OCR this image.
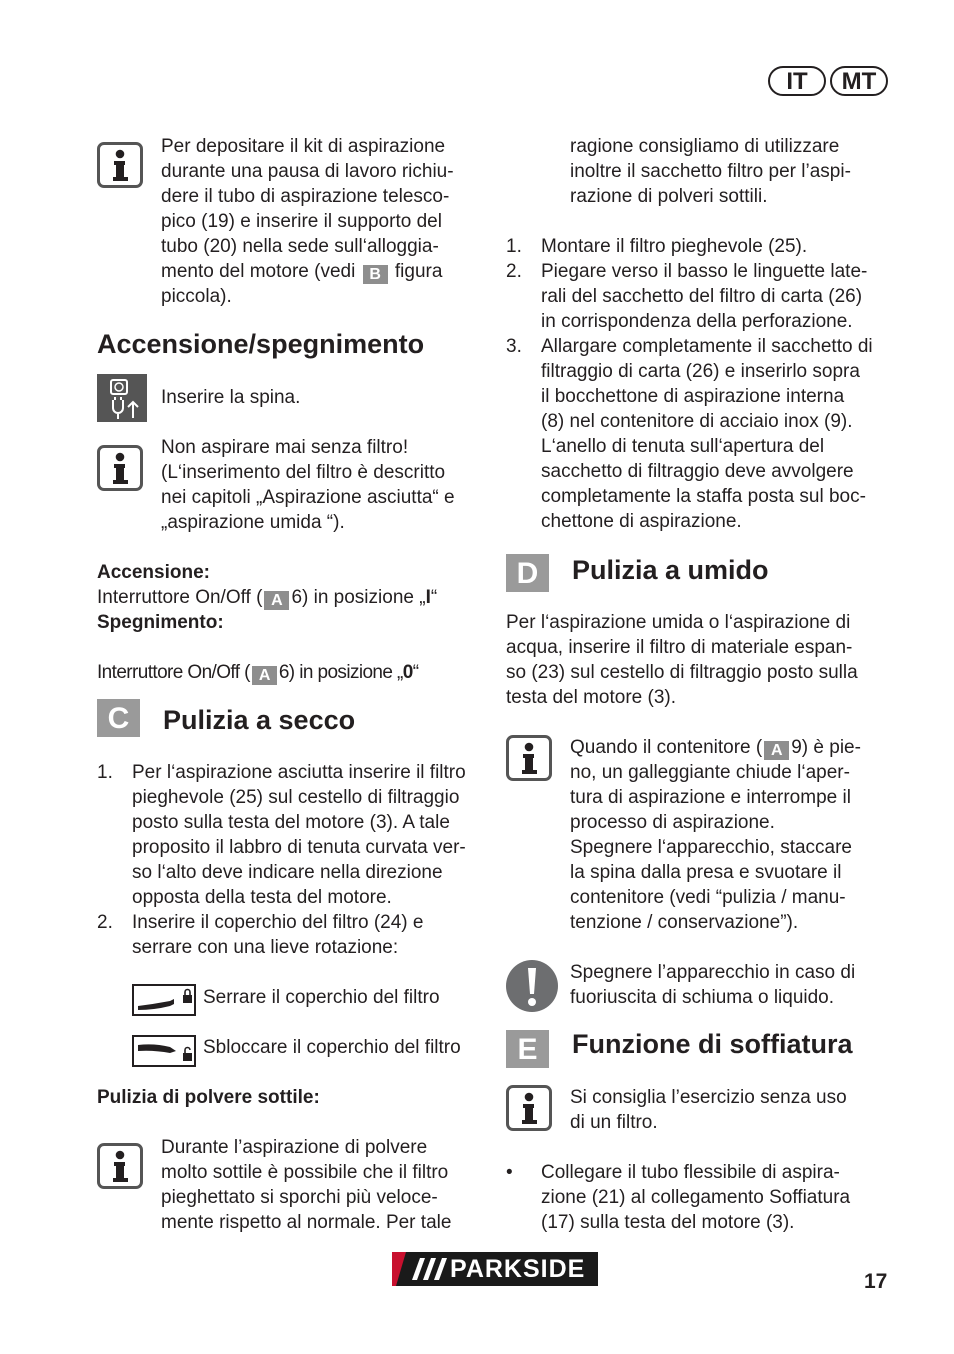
IT	MT
Per depositare il kit di aspirazione
durante una pausa di lavoro richiu-
dere il tubo di aspirazione telesco-
pico (19) e inserire il supporto del
tubo (20) nella sede sull‘alloggia-
mento del motore (vedi B figura
piccola).
Accensione/spegnimento
Inserire la spina.
Non aspirare mai senza filtro!
(L‘inserimento del filtro è descritto
nei capitoli „Aspirazione asciutta“ e
„aspirazione umida “).
Accensione:
Interruttore On/Off ( A 6) in posizione „I“
Spegnimento:
Interruttore On/Off ( A 6) in posizione „0“
C	Pulizia a secco
1. Per l‘aspirazione asciutta inserire il filtro
pieghevole (25) sul cestello di filtraggio
posto sulla testa del motore (3). A tale
proposito il labbro di tenuta curvata ver-
so l‘alto deve indicare nella direzione
opposta della testa del motore.
2. Inserire il coperchio del filtro (24) e
serrare con una lieve rotazione:
Serrare il coperchio del filtro
Sbloccare il coperchio del filtro
Pulizia di polvere sottile:
Durante l’aspirazione di polvere
molto sottile è possibile che il filtro
pieghettato si sporchi più veloce-
mente rispetto al normale. Per tale
ragione consigliamo di utilizzare
inoltre il sacchetto filtro per l’aspi-
razione di polveri sottili.
1. Montare il filtro pieghevole (25).
2. Piegare verso il basso le linguette late-
rali del sacchetto del filtro di carta (26)
in corrispondenza della perforazione.
3. Allargare completamente il sacchetto di
filtraggio di carta (26) e inserirlo sopra
il bocchettone di aspirazione interna
(8) nel contenitore di acciaio inox (9).
L‘anello di tenuta sull‘apertura del
sacchetto di filtraggio deve avvolgere
completamente la staffa posta sul boc-
chettone di aspirazione.
D	Pulizia a umido
Per l‘aspirazione umida o l‘aspirazione di
acqua, inserire il filtro di materiale espan-
so (23) sul cestello di filtraggio posto sulla
testa del motore (3).
Quando il contenitore ( A 9) è pie-
no, un galleggiante chiude l‘aper-
tura di aspirazione e interrompe il
processo di aspirazione.
Spegnere l‘apparecchio, staccare
la spina dalla presa e svuotare il
contenitore (vedi “pulizia / manu-
tenzione / conservazione”).
Spegnere l’apparecchio in caso di
fuoriuscita di schiuma o liquido.
E	Funzione di soffiatura
Si consiglia l’esercizio senza uso
di un filtro.
• Collegare il tubo flessibile di aspira-
zione (21) al collegamento Soffiatura
(17) sulla testa del motore (3).
PARKSIDE	17
